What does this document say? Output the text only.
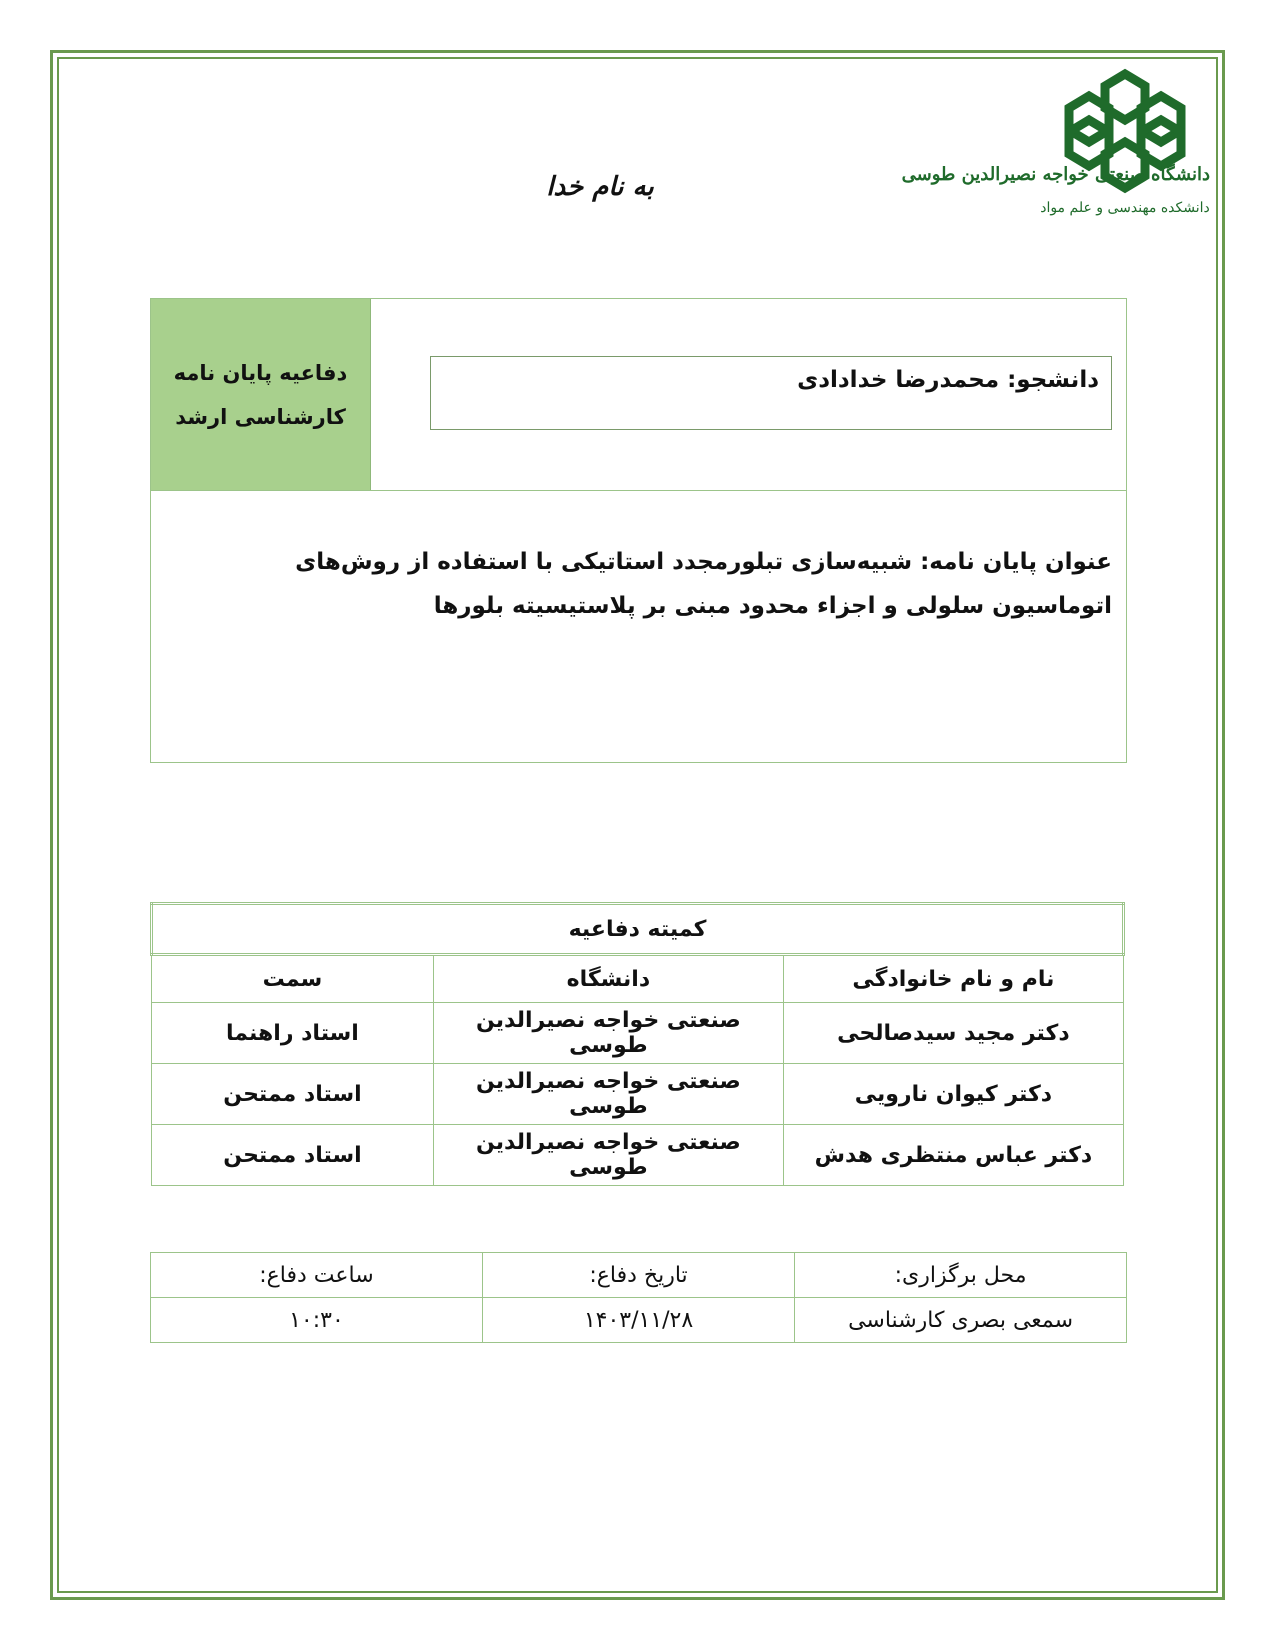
دانشگاه صنعتی خواجه نصیرالدین طوسی
دانشکده مهندسی و علم مواد
به نام خدا
دفاعیه پایان نامه
کارشناسی ارشد
دانشجو: محمدرضا خدادادی
عنوان پایان نامه: شبیه‌سازی تبلورمجدد استاتیکی با استفاده از روش‌های اتوماسیون سلولی و اجزاء محدود مبنی بر پلاستیسیته بلورها
کمیته دفاعیه		
نام و نام خانوادگی	دانشگاه	سمت
دکتر مجید سیدصالحی	صنعتی خواجه نصیرالدین طوسی	استاد راهنما
دکتر کیوان نارویی	صنعتی خواجه نصیرالدین طوسی	استاد ممتحن
دکتر عباس منتظری هدش	صنعتی خواجه نصیرالدین طوسی	استاد ممتحن
محل برگزاری:	تاریخ دفاع:	ساعت دفاع:
سمعی بصری کارشناسی	۱۴۰۳/۱۱/۲۸	۱۰:۳۰
